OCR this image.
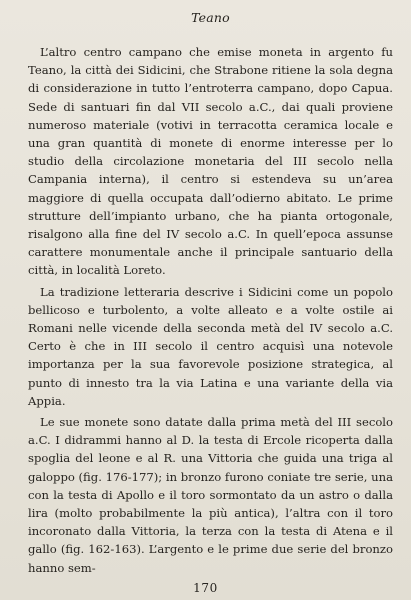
Teano

L’altro centro campano che emise moneta in argento fu Teano, la città dei Sidicini, che Strabone ritiene la sola degna di considerazione in tutto l’entroterra campano, dopo Capua. Sede di santuari fin dal VII secolo a.C., dai quali proviene numeroso materiale (votivi in terracotta ceramica locale e una gran quantità di monete di enorme interesse per lo studio della circolazione monetaria del III secolo nella Campania interna), il centro si estendeva su un’area maggiore di quella occupata dall’odierno abitato. Le prime strutture dell’impianto urbano, che ha pianta ortogonale, risalgono alla fine del IV secolo a.C. In quell’epoca assunse carattere monumentale anche il principale santuario della città, in località Loreto.

La tradizione letteraria descrive i Sidicini come un popolo bellicoso e turbolento, a volte alleato e a volte ostile ai Romani nelle vicende della seconda metà del IV secolo a.C. Certo è che in III secolo il centro acquisì una notevole importanza per la sua favorevole posizione strategica, al punto di innesto tra la via Latina e una variante della via Appia.

Le sue monete sono datate dalla prima metà del III secolo a.C. I didrammi hanno al D. la testa di Ercole ricoperta dalla spoglia del leone e al R. una Vittoria che guida una triga al galoppo (fig. 176-177); in bronzo furono coniate tre serie, una con la testa di Apollo e il toro sormontato da un astro o dalla lira (molto probabilmente la più antica), l’altra con il toro incoronato dalla Vittoria, la terza con la testa di Atena e il gallo (fig. 162-163). L’argento e le prime due serie del bronzo hanno sem-

170
